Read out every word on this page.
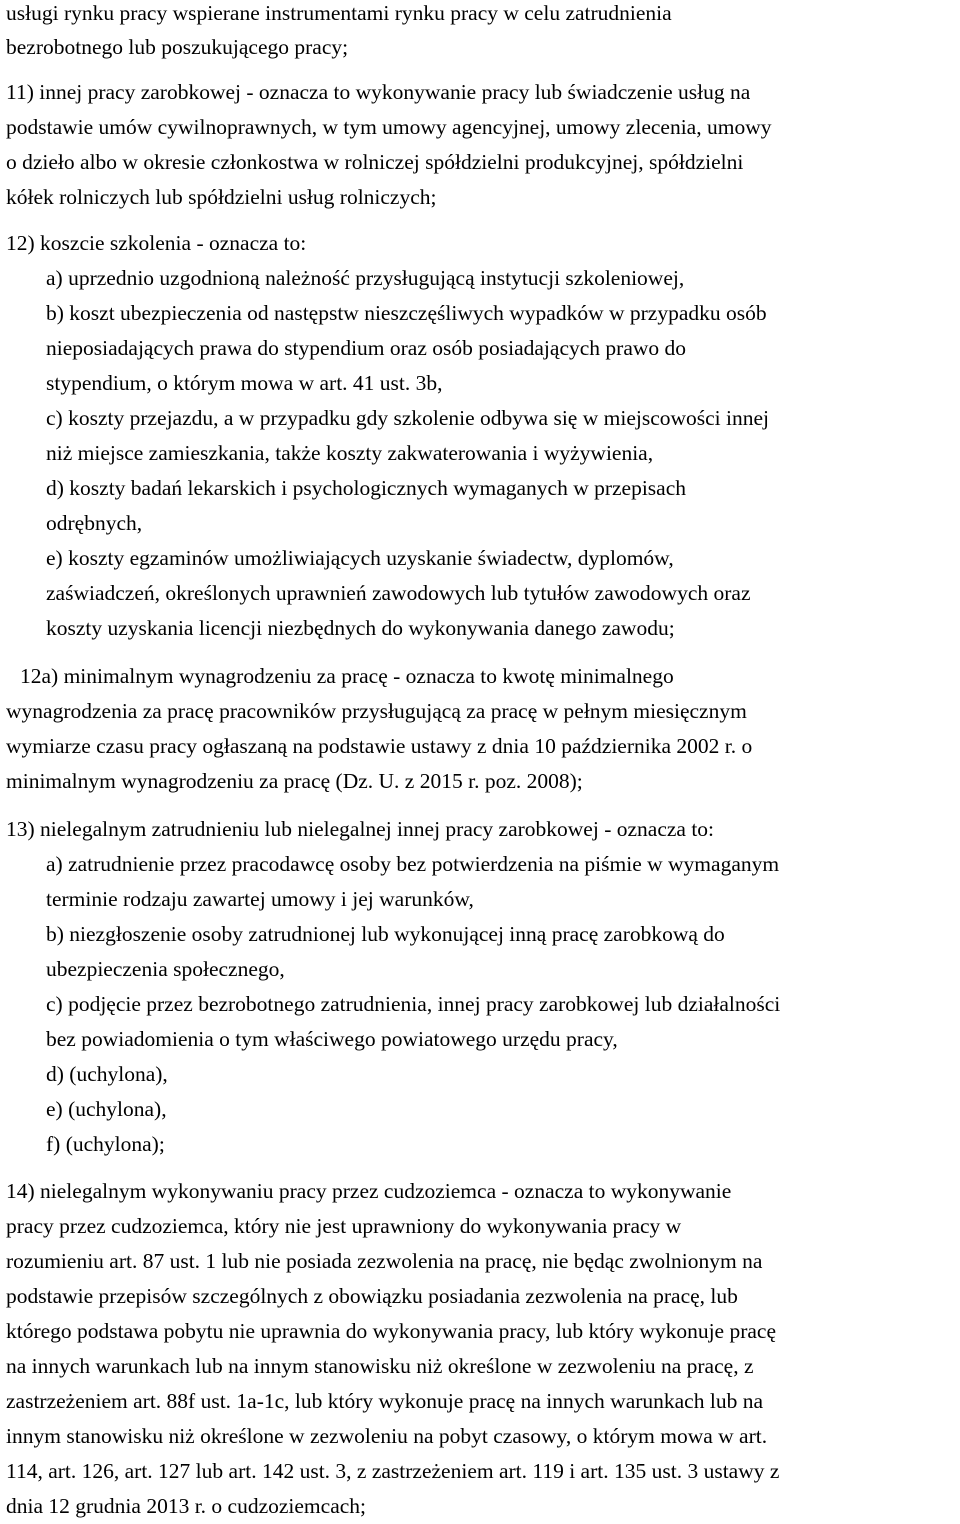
usługi rynku pracy wspierane instrumentami rynku pracy w celu zatrudnienia
bezrobotnego lub poszukującego pracy;
11) innej pracy zarobkowej - oznacza to wykonywanie pracy lub świadczenie usług na
podstawie umów cywilnoprawnych, w tym umowy agencyjnej, umowy zlecenia, umowy
o dzieło albo w okresie członkostwa w rolniczej spółdzielni produkcyjnej, spółdzielni
kółek rolniczych lub spółdzielni usług rolniczych;
12) koszcie szkolenia - oznacza to:
a) uprzednio uzgodnioną należność przysługującą instytucji szkoleniowej,
b) koszt ubezpieczenia od następstw nieszczęśliwych wypadków w przypadku osób
nieposiadających prawa do stypendium oraz osób posiadających prawo do
stypendium, o którym mowa w art. 41 ust. 3b,
c) koszty przejazdu, a w przypadku gdy szkolenie odbywa się w miejscowości innej
niż miejsce zamieszkania, także koszty zakwaterowania i wyżywienia,
d) koszty badań lekarskich i psychologicznych wymaganych w przepisach
odrębnych,
e) koszty egzaminów umożliwiających uzyskanie świadectw, dyplomów,
zaświadczeń, określonych uprawnień zawodowych lub tytułów zawodowych oraz
koszty uzyskania licencji niezbędnych do wykonywania danego zawodu;
12a) minimalnym wynagrodzeniu za pracę - oznacza to kwotę minimalnego
wynagrodzenia za pracę pracowników przysługującą za pracę w pełnym miesięcznym
wymiarze czasu pracy ogłaszaną na podstawie ustawy z dnia 10 października 2002 r. o
minimalnym wynagrodzeniu za pracę (Dz. U. z 2015 r. poz. 2008);
13) nielegalnym zatrudnieniu lub nielegalnej innej pracy zarobkowej - oznacza to:
a) zatrudnienie przez pracodawcę osoby bez potwierdzenia na piśmie w wymaganym
terminie rodzaju zawartej umowy i jej warunków,
b) niezgłoszenie osoby zatrudnionej lub wykonującej inną pracę zarobkową do
ubezpieczenia społecznego,
c) podjęcie przez bezrobotnego zatrudnienia, innej pracy zarobkowej lub działalności
bez powiadomienia o tym właściwego powiatowego urzędu pracy,
d) (uchylona),
e) (uchylona),
f) (uchylona);
14) nielegalnym wykonywaniu pracy przez cudzoziemca - oznacza to wykonywanie
pracy przez cudzoziemca, który nie jest uprawniony do wykonywania pracy w
rozumieniu art. 87 ust. 1 lub nie posiada zezwolenia na pracę, nie będąc zwolnionym na
podstawie przepisów szczególnych z obowiązku posiadania zezwolenia na pracę, lub
którego podstawa pobytu nie uprawnia do wykonywania pracy, lub który wykonuje pracę
na innych warunkach lub na innym stanowisku niż określone w zezwoleniu na pracę, z
zastrzeżeniem art. 88f ust. 1a-1c, lub który wykonuje pracę na innych warunkach lub na
innym stanowisku niż określone w zezwoleniu na pobyt czasowy, o którym mowa w art.
114, art. 126, art. 127 lub art. 142 ust. 3, z zastrzeżeniem art. 119 i art. 135 ust. 3 ustawy z
dnia 12 grudnia 2013 r. o cudzoziemcach;
